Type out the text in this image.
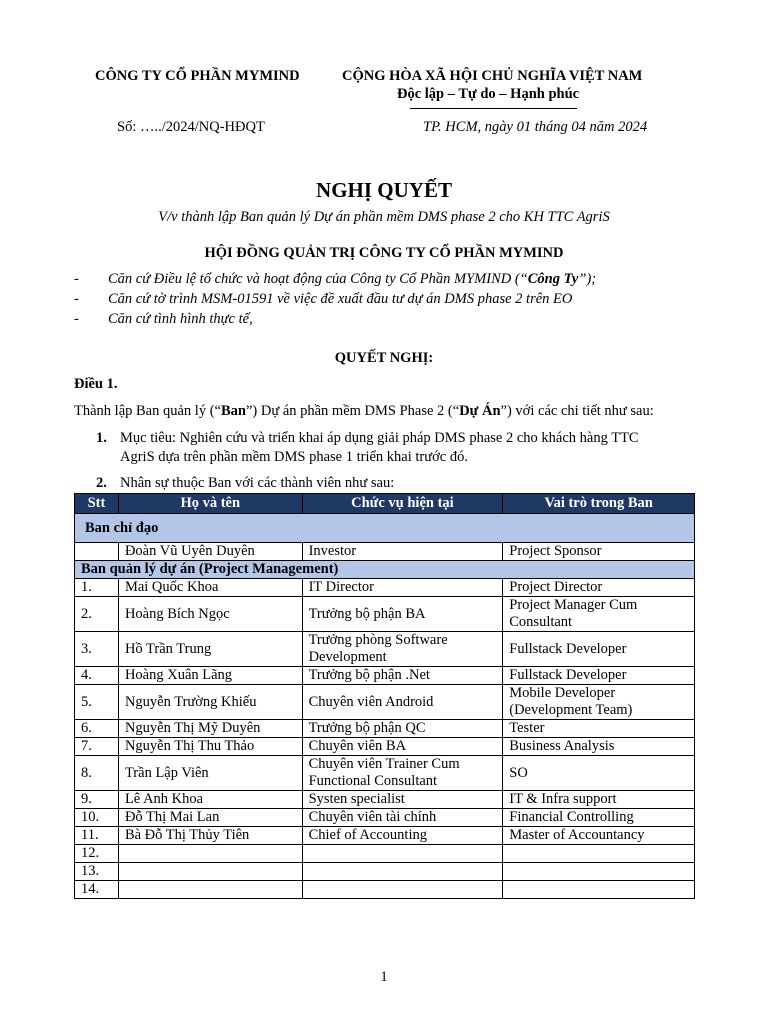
CÔNG TY CỔ PHẦN MYMIND	CỘNG HÒA XÃ HỘI CHỦ NGHĨA VIỆT NAM
Độc lập – Tự do – Hạnh phúc
Số: …../2024/NQ-HĐQT	TP. HCM, ngày 01 tháng 04 năm 2024
NGHỊ QUYẾT
V/v thành lập Ban quản lý Dự án phần mềm DMS phase 2 cho KH TTC AgriS
HỘI ĐỒNG QUẢN TRỊ CÔNG TY CỔ PHẦN MYMIND
- Căn cứ Điều lệ tổ chức và hoạt động của Công ty Cổ Phần MYMIND (“Công Ty”);
- Căn cứ tờ trình MSM-01591 về việc đề xuất đầu tư dự án DMS phase 2 trên EO
- Căn cứ tình hình thực tế,
QUYẾT NGHỊ:
Điều 1.
Thành lập Ban quản lý (“Ban”) Dự án phần mềm DMS Phase 2 (“Dự Án”) với các chi tiết như sau:
1. Mục tiêu: Nghiên cứu và triển khai áp dụng giải pháp DMS phase 2 cho khách hàng TTC
AgriS dựa trên phần mềm DMS phase 1 triển khai trước đó.
2. Nhân sự thuộc Ban với các thành viên như sau:
Stt	Họ và tên	Chức vụ hiện tại	Vai trò trong Ban
Ban chỉ đạo			
	Đoàn Vũ Uyên Duyên	Investor	Project Sponsor
Ban quản lý dự án (Project Management)			
1.	Mai Quốc Khoa	IT Director	Project Director
2.	Hoàng Bích Ngọc	Trưởng bộ phận BA	Project Manager Cum Consultant
3.	Hồ Trần Trung	Trưởng phòng Software Development	Fullstack Developer
4.	Hoàng Xuân Lãng	Trưởng bộ phận .Net	Fullstack Developer
5.	Nguyễn Trường Khiếu	Chuyên viên Android	Mobile Developer (Development Team)
6.	Nguyễn Thị Mỹ Duyên	Trưởng bộ phận QC	Tester
7.	Nguyễn Thị Thu Thảo	Chuyên viên BA	Business Analysis
8.	Trần Lập Viên	Chuyên viên Trainer Cum Functional Consultant	SO
9.	Lê Anh Khoa	Systen specialist	IT & Infra support
10.	Đỗ Thị Mai Lan	Chuyên viên tài chính	Financial Controlling
11.	Bà Đỗ Thị Thủy Tiên	Chief of Accounting	Master of Accountancy
12.			
13.			
14.			
1
